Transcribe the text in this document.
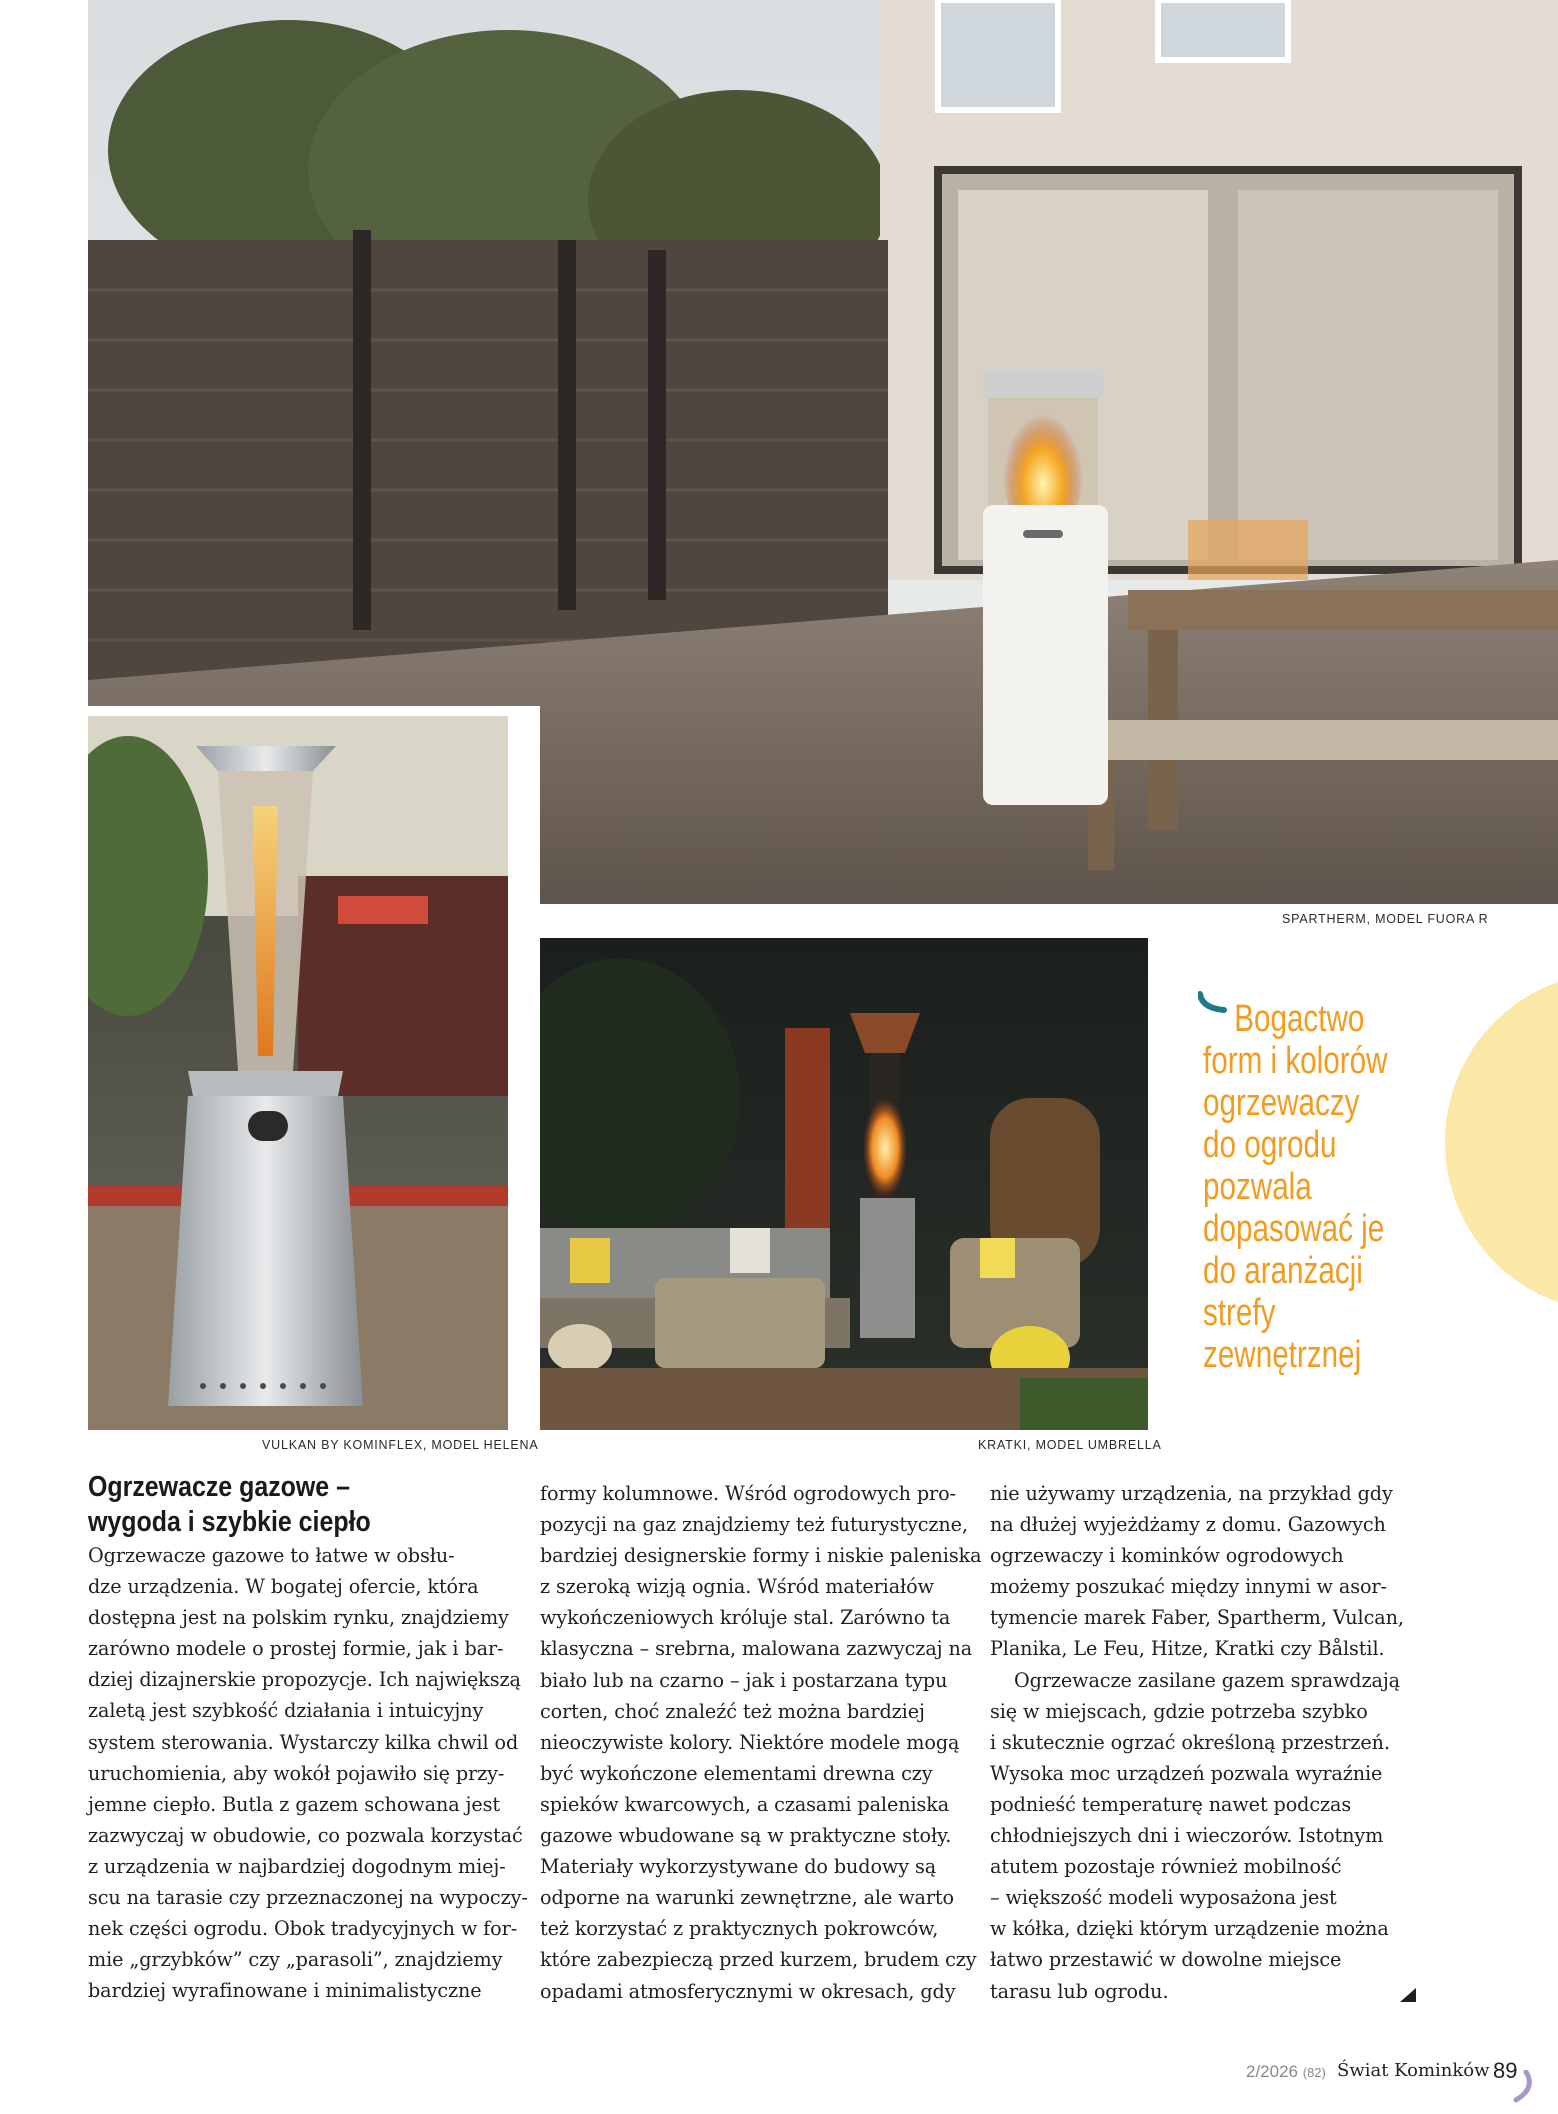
SPARTHERM, MODEL FUORA R
VULKAN BY KOMINFLEX, MODEL HELENA	KRATKI, MODEL UMBRELLA
Bogactwo
form i kolorów
ogrzewaczy
do ogrodu
pozwala
dopasować je
do aranżacji
strefy
zewnętrznej
Ogrzewacze gazowe –
wygoda i szybkie ciepło
Ogrzewacze gazowe to łatwe w obsłu-
dze urządzenia. W bogatej ofercie, która
dostępna jest na polskim rynku, znajdziemy
zarówno modele o prostej formie, jak i bar-
dziej dizajnerskie propozycje. Ich największą
zaletą jest szybkość działania i intuicyjny
system sterowania. Wystarczy kilka chwil od
uruchomienia, aby wokół pojawiło się przy-
jemne ciepło. Butla z gazem schowana jest
zazwyczaj w obudowie, co pozwala korzystać
z urządzenia w najbardziej dogodnym miej-
scu na tarasie czy przeznaczonej na wypoczy-
nek części ogrodu. Obok tradycyjnych w for-
mie „grzybków” czy „parasoli”, znajdziemy
bardziej wyrafinowane i minimalistyczne
formy kolumnowe. Wśród ogrodowych pro-
pozycji na gaz znajdziemy też futurystyczne,
bardziej designerskie formy i niskie paleniska
z szeroką wizją ognia. Wśród materiałów
wykończeniowych króluje stal. Zarówno ta
klasyczna – srebrna, malowana zazwyczaj na
biało lub na czarno – jak i postarzana typu
corten, choć znaleźć też można bardziej
nieoczywiste kolory. Niektóre modele mogą
być wykończone elementami drewna czy
spieków kwarcowych, a czasami paleniska
gazowe wbudowane są w praktyczne stoły.
Materiały wykorzystywane do budowy są
odporne na warunki zewnętrzne, ale warto
też korzystać z praktycznych pokrowców,
które zabezpieczą przed kurzem, brudem czy
opadami atmosferycznymi w okresach, gdy
nie używamy urządzenia, na przykład gdy
na dłużej wyjeżdżamy z domu. Gazowych
ogrzewaczy i kominków ogrodowych
możemy poszukać między innymi w asor-
tymencie marek Faber, Spartherm, Vulcan,
Planika, Le Feu, Hitze, Kratki czy Bålstil.
Ogrzewacze zasilane gazem sprawdzają
się w miejscach, gdzie potrzeba szybko
i skutecznie ogrzać określoną przestrzeń.
Wysoka moc urządzeń pozwala wyraźnie
podnieść temperaturę nawet podczas
chłodniejszych dni i wieczorów. Istotnym
atutem pozostaje również mobilność
– większość modeli wyposażona jest
w kółka, dzięki którym urządzenie można
łatwo przestawić w dowolne miejsce
tarasu lub ogrodu.
2/2026 (82) Świat Kominków 89
